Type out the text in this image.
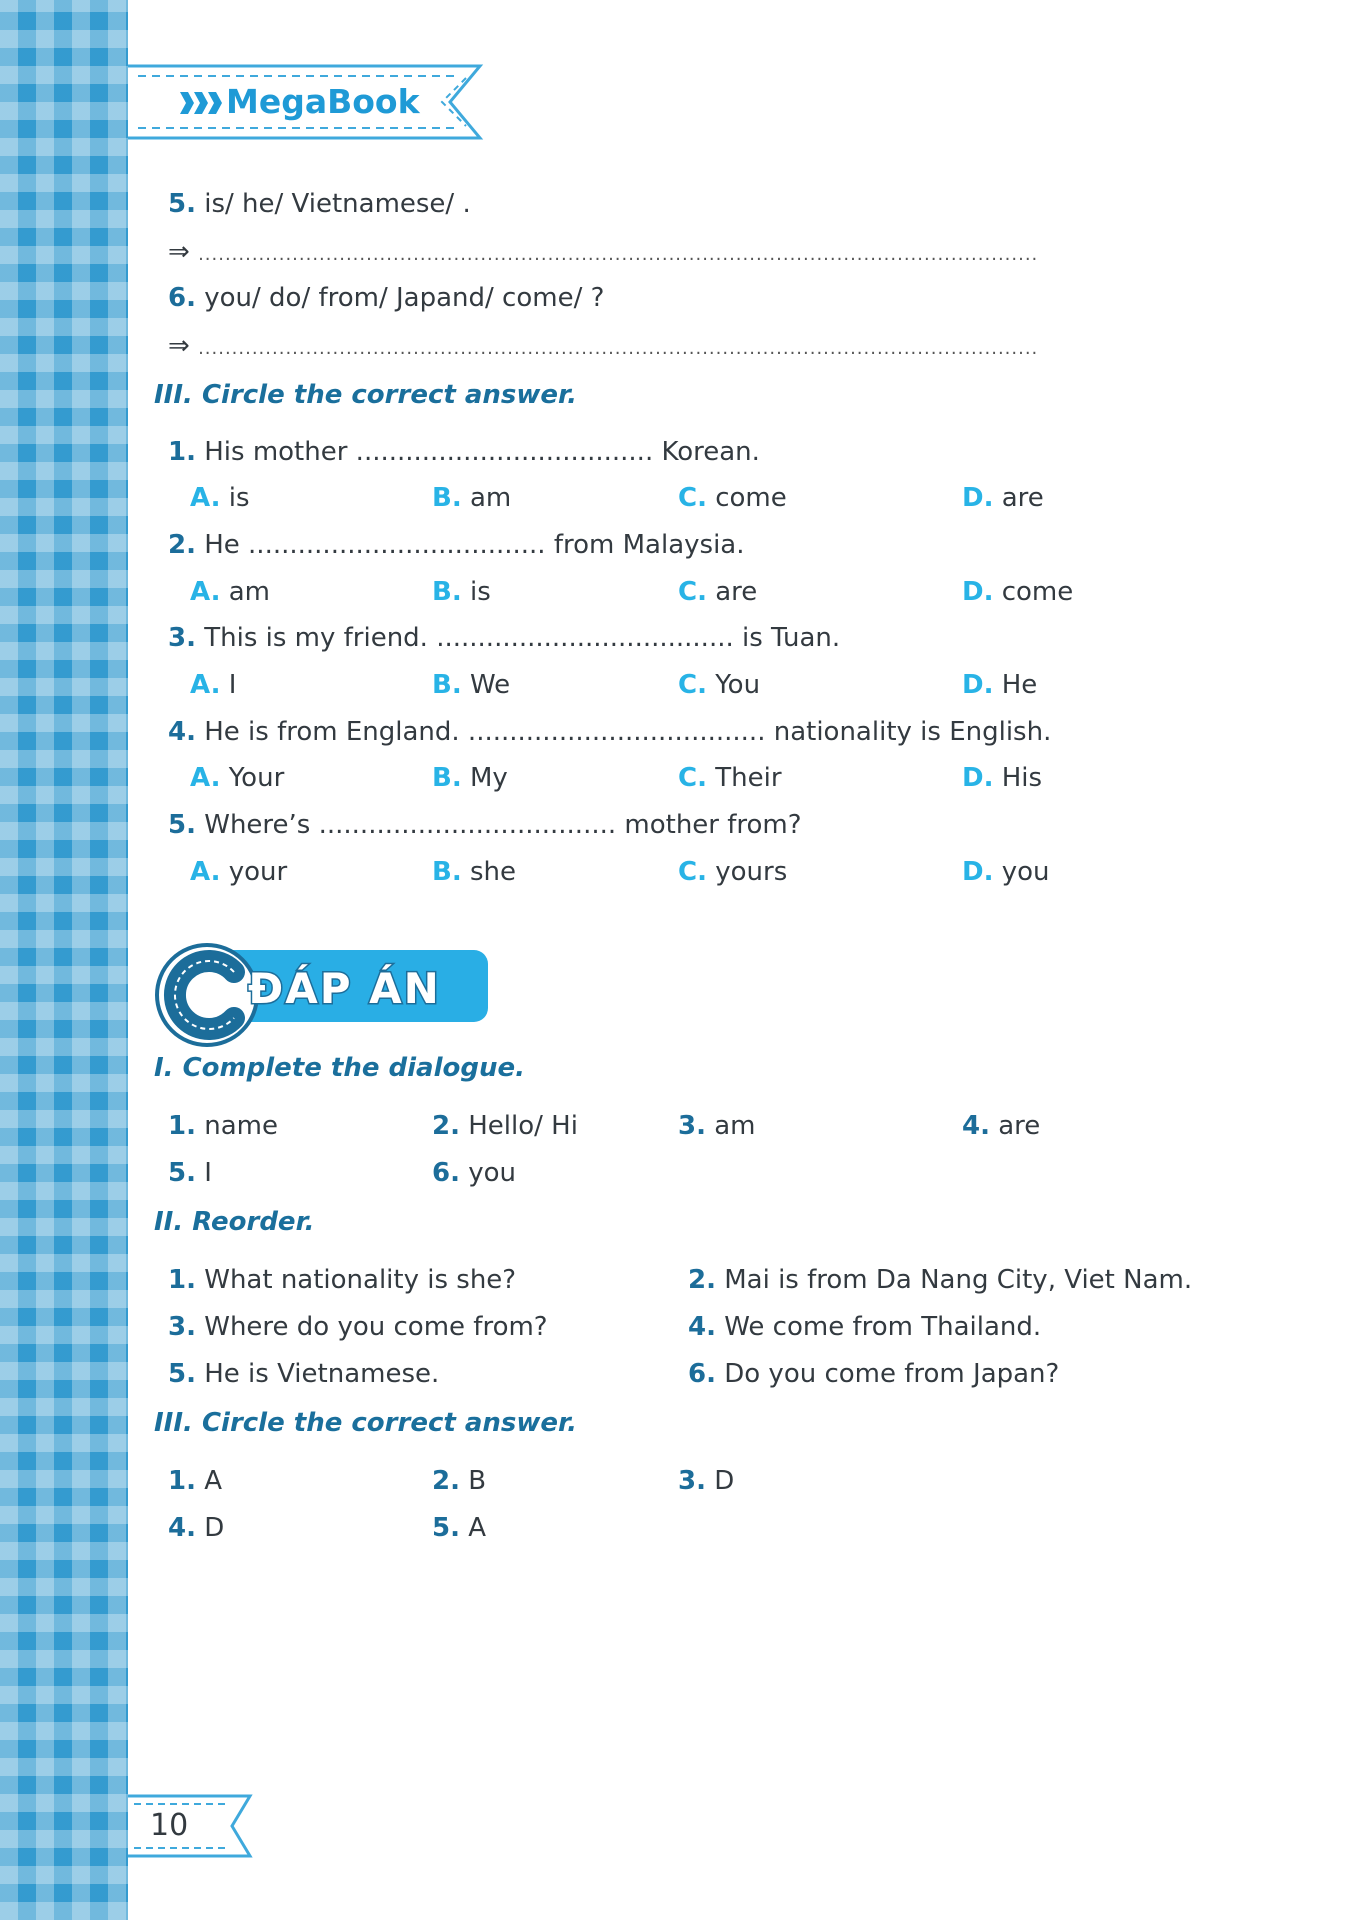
MegaBook
5. is/ he/ Vietnamese/ .
⇒ .............................................................................................................................
6. you/ do/ from/ Japand/ come/ ?
⇒ .............................................................................................................................
III. Circle the correct answer.
1. His mother .................................... Korean.
A. is	B. am	C. come	D. are
2. He .................................... from Malaysia.
A. am	B. is	C. are	D. come
3. This is my friend. .................................... is Tuan.
A. I	B. We	C. You	D. He
4. He is from England. .................................... nationality is English.
A. Your	B. My	C. Their	D. His
5. Where’s .................................... mother from?
A. your	B. she	C. yours	D. you
ĐÁP ÁN
I. Complete the dialogue.
1. name	2. Hello/ Hi	3. am	4. are
5. I	6. you
II. Reorder.
1. What nationality is she?	2. Mai is from Da Nang City, Viet Nam.
3. Where do you come from?	4. We come from Thailand.
5. He is Vietnamese.	6. Do you come from Japan?
III. Circle the correct answer.
1. A	2. B	3. D
4. D	5. A
10
